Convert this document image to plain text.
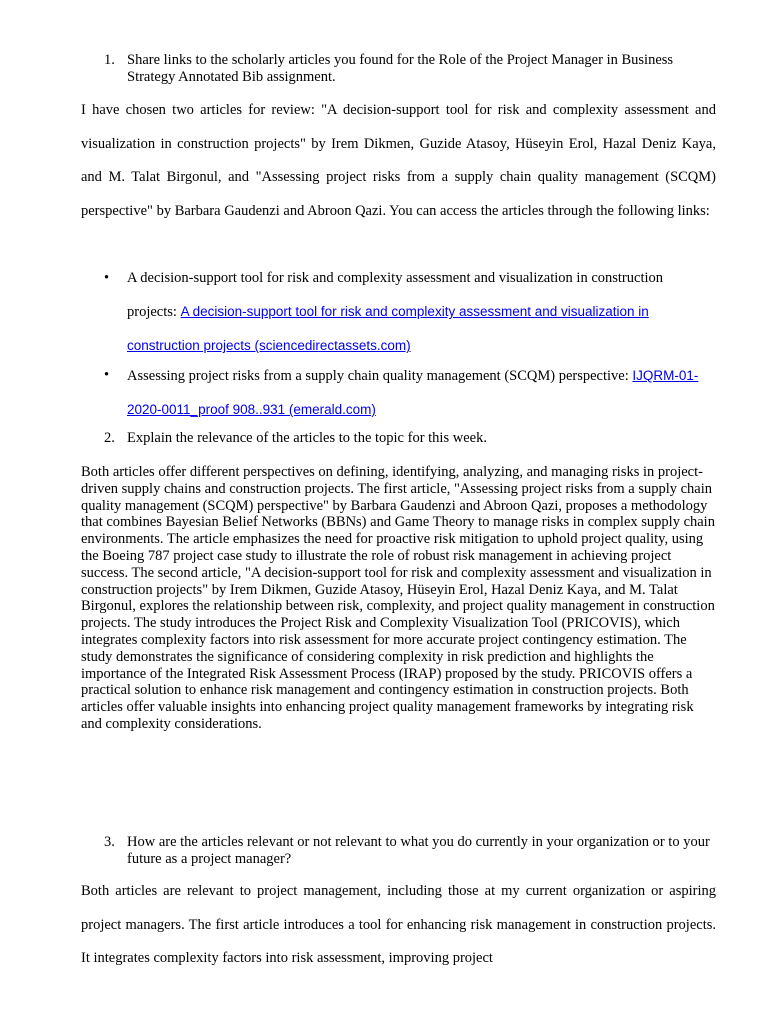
1. Share links to the scholarly articles you found for the Role of the Project Manager in Business Strategy Annotated Bib assignment.
I have chosen two articles for review: "A decision-support tool for risk and complexity assessment and visualization in construction projects" by Irem Dikmen, Guzide Atasoy, Hüseyin Erol, Hazal Deniz Kaya, and M. Talat Birgonul, and "Assessing project risks from a supply chain quality management (SCQM) perspective" by Barbara Gaudenzi and Abroon Qazi. You can access the articles through the following links:
• A decision-support tool for risk and complexity assessment and visualization in construction projects: A decision-support tool for risk and complexity assessment and visualization in construction projects (sciencedirectassets.com)
• Assessing project risks from a supply chain quality management (SCQM) perspective: IJQRM-01-2020-0011_proof 908..931 (emerald.com)
2. Explain the relevance of the articles to the topic for this week.
Both articles offer different perspectives on defining, identifying, analyzing, and managing risks in project-driven supply chains and construction projects. The first article, "Assessing project risks from a supply chain quality management (SCQM) perspective" by Barbara Gaudenzi and Abroon Qazi, proposes a methodology that combines Bayesian Belief Networks (BBNs) and Game Theory to manage risks in complex supply chain environments. The article emphasizes the need for proactive risk mitigation to uphold project quality, using the Boeing 787 project case study to illustrate the role of robust risk management in achieving project success. The second article, "A decision-support tool for risk and complexity assessment and visualization in construction projects" by Irem Dikmen, Guzide Atasoy, Hüseyin Erol, Hazal Deniz Kaya, and M. Talat Birgonul, explores the relationship between risk, complexity, and project quality management in construction projects. The study introduces the Project Risk and Complexity Visualization Tool (PRICOVIS), which integrates complexity factors into risk assessment for more accurate project contingency estimation. The study demonstrates the significance of considering complexity in risk prediction and highlights the importance of the Integrated Risk Assessment Process (IRAP) proposed by the study. PRICOVIS offers a practical solution to enhance risk management and contingency estimation in construction projects. Both articles offer valuable insights into enhancing project quality management frameworks by integrating risk and complexity considerations.
3. How are the articles relevant or not relevant to what you do currently in your organization or to your future as a project manager?
Both articles are relevant to project management, including those at my current organization or aspiring project managers. The first article introduces a tool for enhancing risk management in construction projects. It integrates complexity factors into risk assessment, improving project
